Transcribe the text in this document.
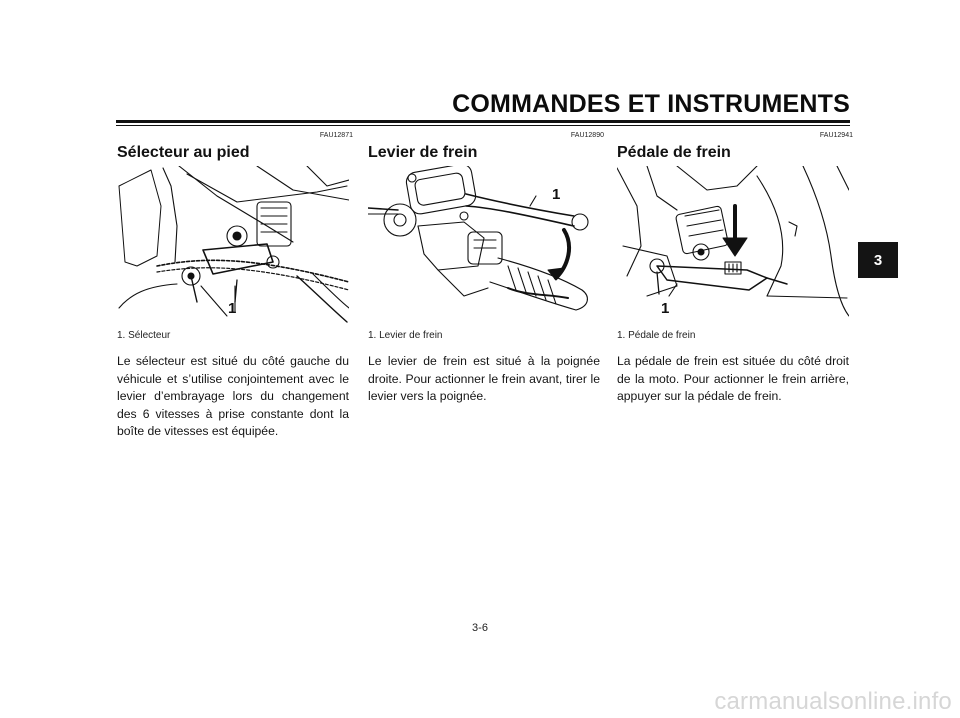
COMMANDES ET INSTRUMENTS
3
FAU12871
Sélecteur au pied
1. Sélecteur

Le sélecteur est situé du côté gauche du véhicule et s’utilise conjointement avec le levier d’embrayage lors du changement des 6 vitesses à prise constante dont la boîte de vitesses est équipée.

FAU12890
Levier de frein
1. Levier de frein

Le levier de frein est situé à la poignée droite. Pour actionner le frein avant, tirer le levier vers la poignée.

FAU12941
Pédale de frein
1. Pédale de frein

La pédale de frein est située du côté droit de la moto. Pour actionner le frein arrière, appuyer sur la pédale de frein.

1
1
1
3-6
carmanualsonline.info
